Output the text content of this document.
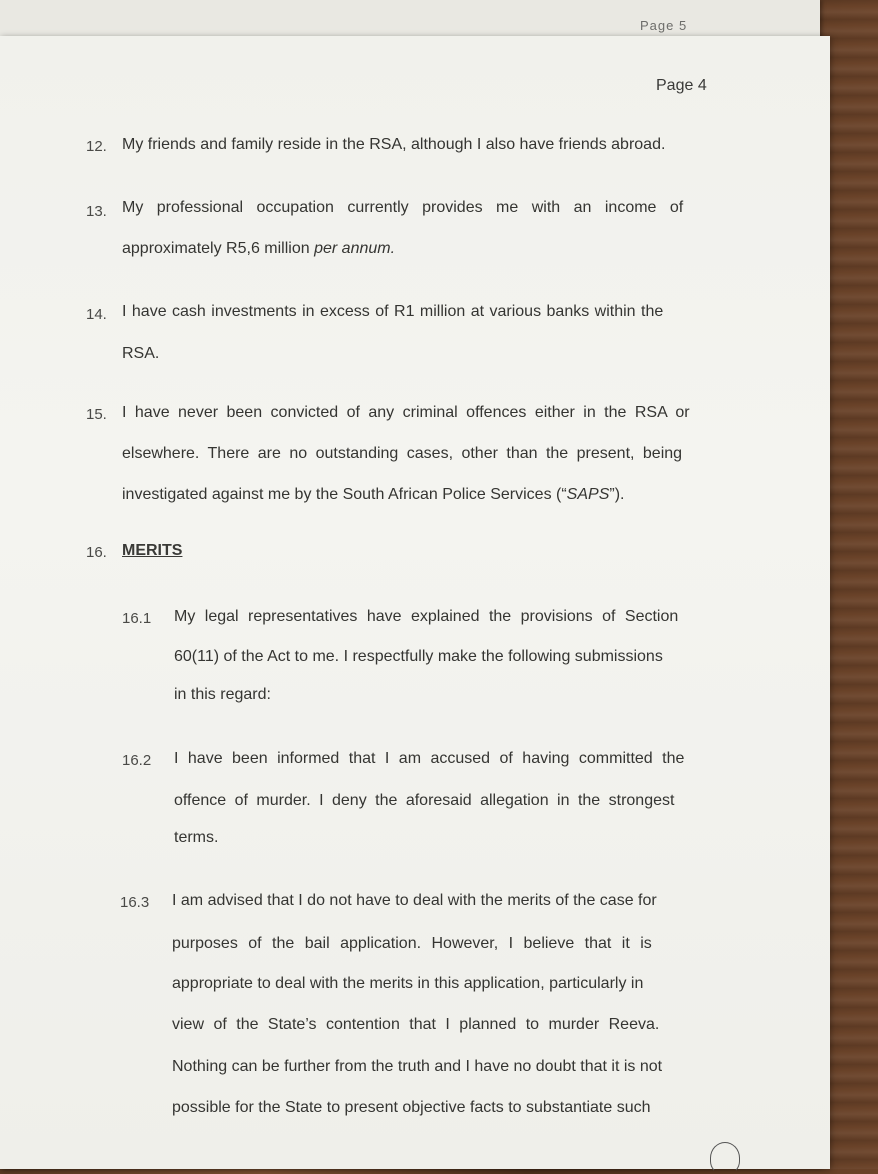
Page 5
Page 4
12. My friends and family reside in the RSA, although I also have friends abroad.
13. My professional occupation currently provides me with an income of
approximately R5,6 million per annum.
14. I have cash investments in excess of R1 million at various banks within the
RSA.
15. I have never been convicted of any criminal offences either in the RSA or
elsewhere. There are no outstanding cases, other than the present, being
investigated against me by the South African Police Services (“SAPS”).
16. MERITS
16.1 My legal representatives have explained the provisions of Section
60(11) of the Act to me. I respectfully make the following submissions
in this regard:
16.2 I have been informed that I am accused of having committed the
offence of murder. I deny the aforesaid allegation in the strongest
terms.
16.3 I am advised that I do not have to deal with the merits of the case for
purposes of the bail application. However, I believe that it is
appropriate to deal with the merits in this application, particularly in
view of the State’s contention that I planned to murder Reeva.
Nothing can be further from the truth and I have no doubt that it is not
possible for the State to present objective facts to substantiate such
